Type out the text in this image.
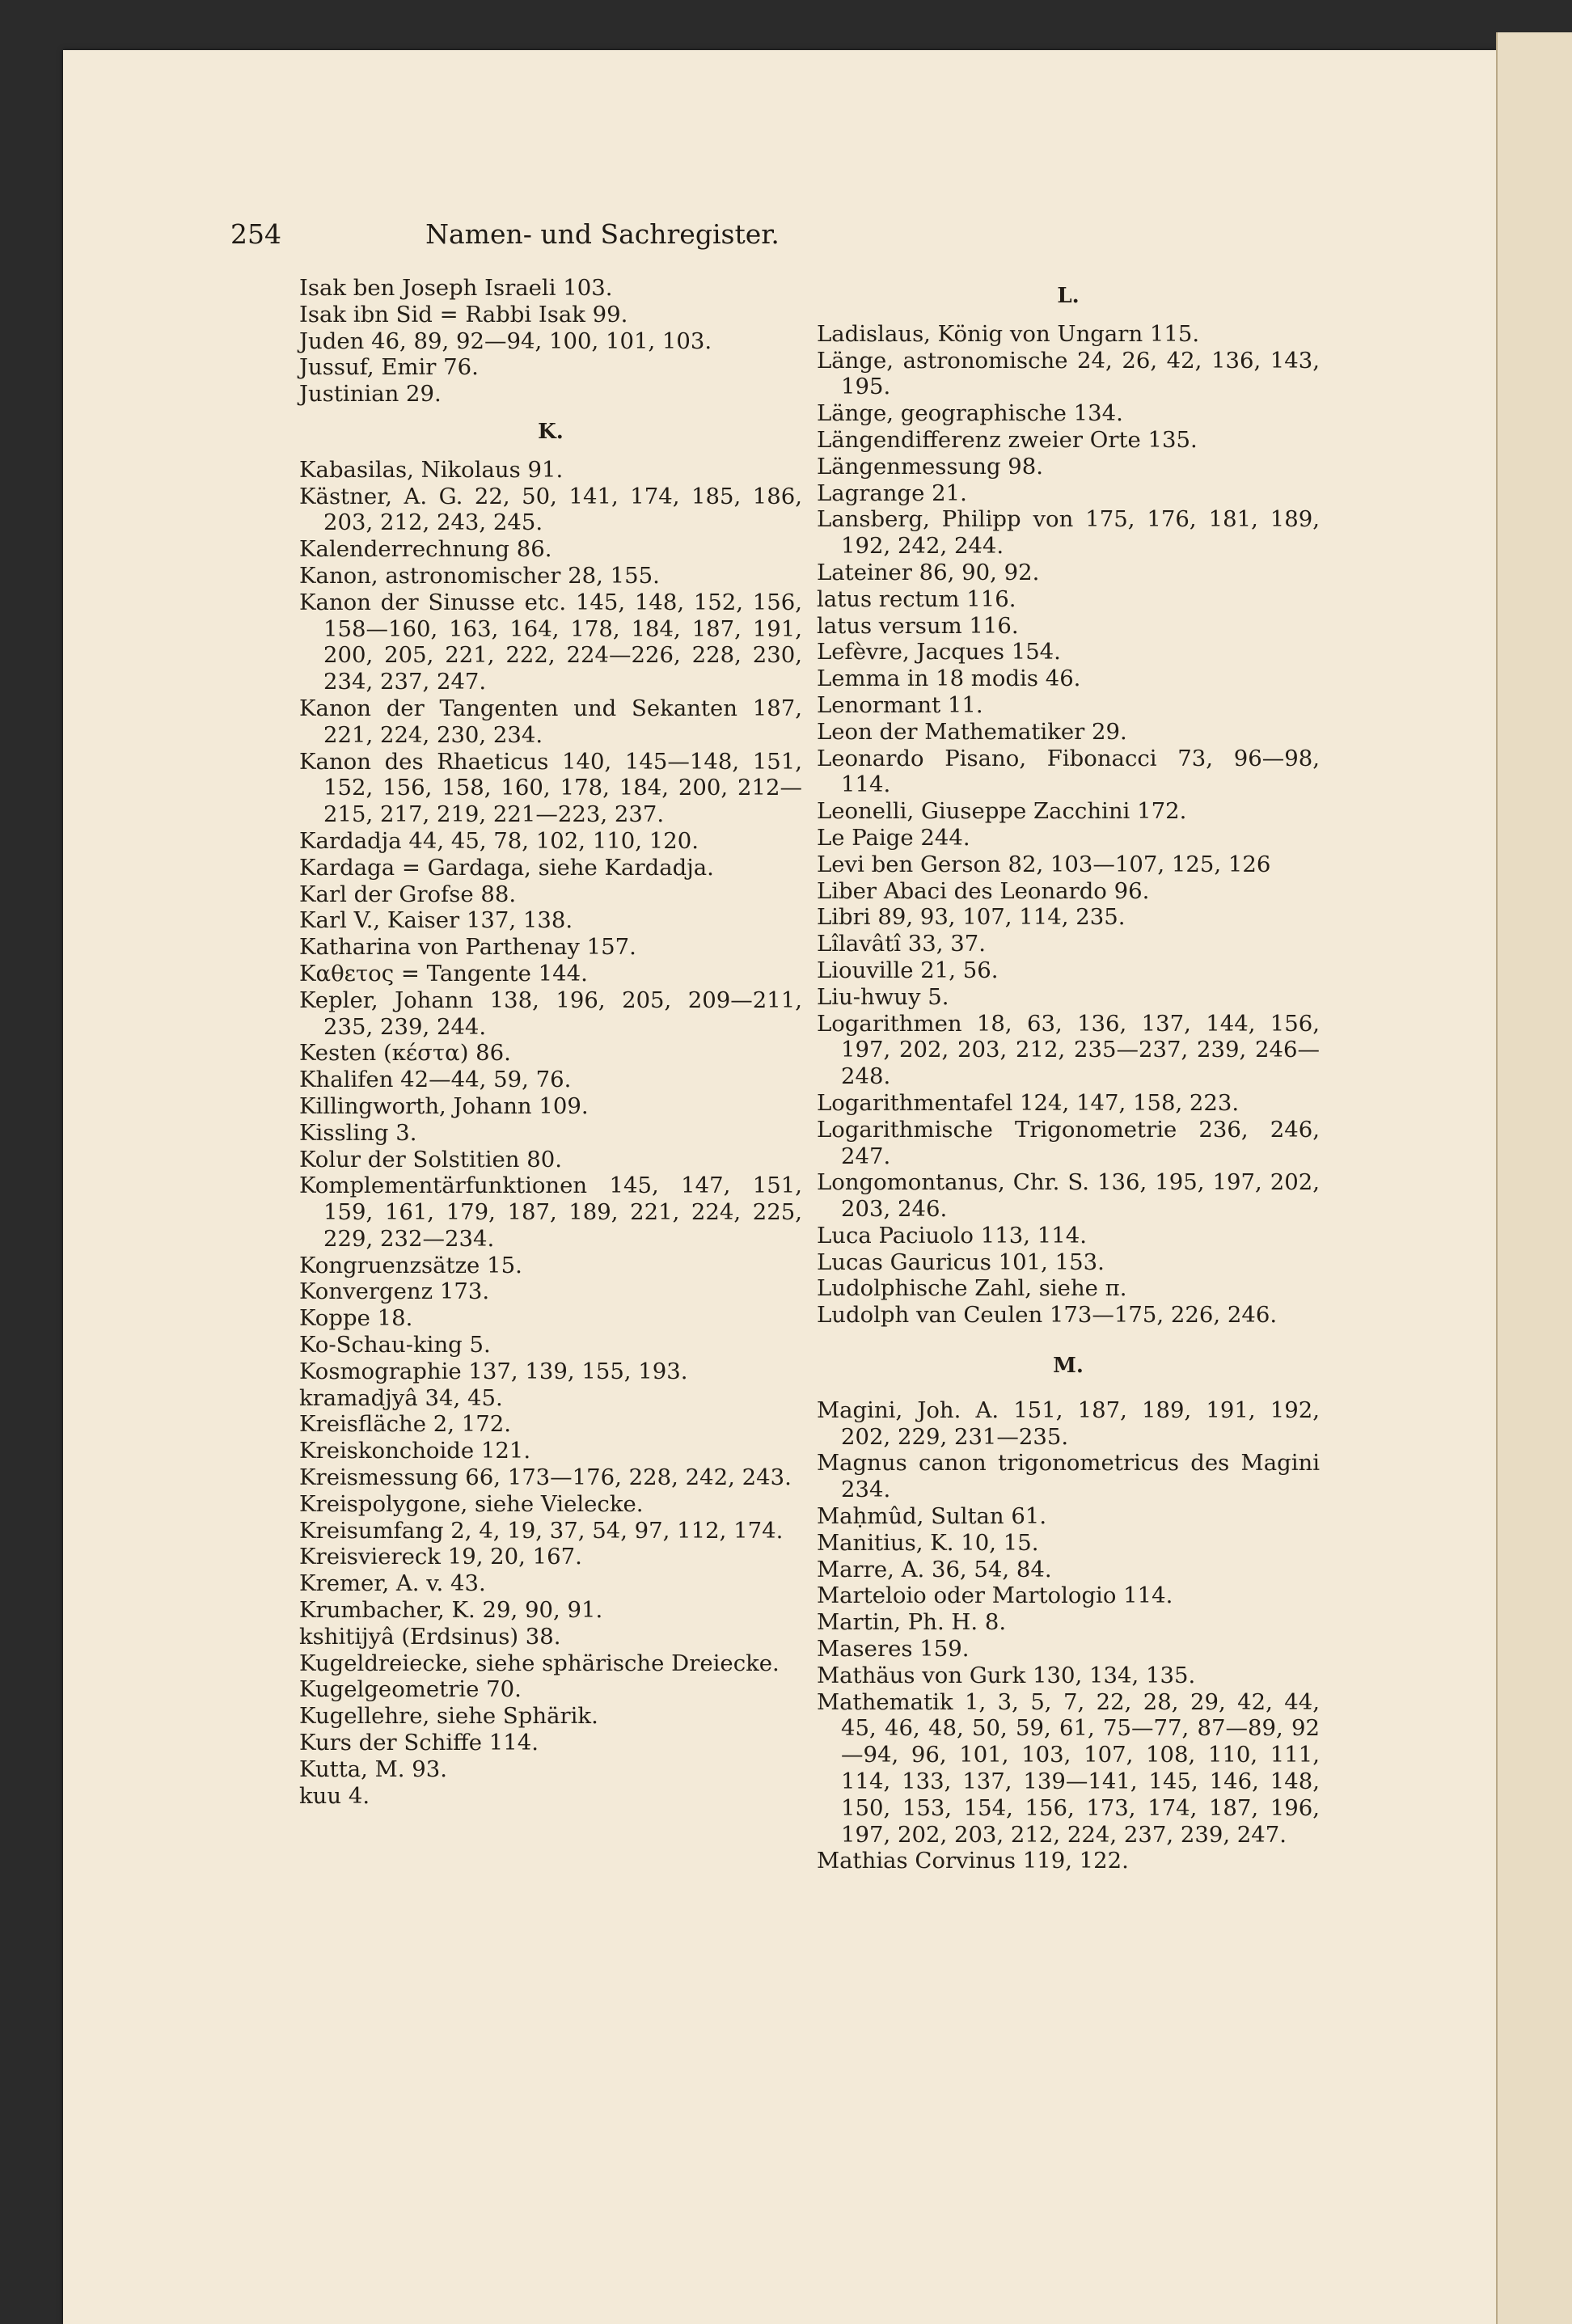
254	Namen- und Sachregister.
Isak ben Joseph Israeli 103.
Isak ibn Sid = Rabbi Isak 99.
Juden 46, 89, 92—94, 100, 101, 103.
Jussuf, Emir 76.
Justinian 29.
K.
Kabasilas, Nikolaus 91.
Kästner, A. G. 22, 50, 141, 174, 185, 186, 203, 212, 243, 245.
Kalenderrechnung 86.
Kanon, astronomischer 28, 155.
Kanon der Sinusse etc. 145, 148, 152, 156, 158—160, 163, 164, 178, 184, 187, 191, 200, 205, 221, 222, 224—226, 228, 230, 234, 237, 247.
Kanon der Tangenten und Sekanten 187, 221, 224, 230, 234.
Kanon des Rhaeticus 140, 145—148, 151, 152, 156, 158, 160, 178, 184, 200, 212—215, 217, 219, 221—223, 237.
Kardadja 44, 45, 78, 102, 110, 120.
Kardaga = Gardaga, siehe Kardadja.
Karl der Grofse 88.
Karl V., Kaiser 137, 138.
Katharina von Parthenay 157.
Καθετος = Tangente 144.
Kepler, Johann 138, 196, 205, 209—211, 235, 239, 244.
Kesten (κέστα) 86.
Khalifen 42—44, 59, 76.
Killingworth, Johann 109.
Kissling 3.
Kolur der Solstitien 80.
Komplementärfunktionen 145, 147, 151, 159, 161, 179, 187, 189, 221, 224, 225, 229, 232—234.
Kongruenzsätze 15.
Konvergenz 173.
Koppe 18.
Ko-Schau-king 5.
Kosmographie 137, 139, 155, 193.
kramadjyâ 34, 45.
Kreisfläche 2, 172.
Kreiskonchoide 121.
Kreismessung 66, 173—176, 228, 242, 243.
Kreispolygone, siehe Vielecke.
Kreisumfang 2, 4, 19, 37, 54, 97, 112, 174.
Kreisviereck 19, 20, 167.
Kremer, A. v. 43.
Krumbacher, K. 29, 90, 91.
kshitijyâ (Erdsinus) 38.
Kugeldreiecke, siehe sphärische Dreiecke.
Kugelgeometrie 70.
Kugellehre, siehe Sphärik.
Kurs der Schiffe 114.
Kutta, M. 93.
kuu 4.
L.
Ladislaus, König von Ungarn 115.
Länge, astronomische 24, 26, 42, 136, 143, 195.
Länge, geographische 134.
Längendifferenz zweier Orte 135.
Längenmessung 98.
Lagrange 21.
Lansberg, Philipp von 175, 176, 181, 189, 192, 242, 244.
Lateiner 86, 90, 92.
latus rectum 116.
latus versum 116.
Lefèvre, Jacques 154.
Lemma in 18 modis 46.
Lenormant 11.
Leon der Mathematiker 29.
Leonardo Pisano, Fibonacci 73, 96—98, 114.
Leonelli, Giuseppe Zacchini 172.
Le Paige 244.
Levi ben Gerson 82, 103—107, 125, 126
Liber Abaci des Leonardo 96.
Libri 89, 93, 107, 114, 235.
Lîlavâtî 33, 37.
Liouville 21, 56.
Liu-hwuy 5.
Logarithmen 18, 63, 136, 137, 144, 156, 197, 202, 203, 212, 235—237, 239, 246—248.
Logarithmentafel 124, 147, 158, 223.
Logarithmische Trigonometrie 236, 246, 247.
Longomontanus, Chr. S. 136, 195, 197, 202, 203, 246.
Luca Paciuolo 113, 114.
Lucas Gauricus 101, 153.
Ludolphische Zahl, siehe π.
Ludolph van Ceulen 173—175, 226, 246.
M.
Magini, Joh. A. 151, 187, 189, 191, 192, 202, 229, 231—235.
Magnus canon trigonometricus des Magini 234.
Maḥmûd, Sultan 61.
Manitius, K. 10, 15.
Marre, A. 36, 54, 84.
Marteloio oder Martologio 114.
Martin, Ph. H. 8.
Maseres 159.
Mathäus von Gurk 130, 134, 135.
Mathematik 1, 3, 5, 7, 22, 28, 29, 42, 44, 45, 46, 48, 50, 59, 61, 75—77, 87—89, 92—94, 96, 101, 103, 107, 108, 110, 111, 114, 133, 137, 139—141, 145, 146, 148, 150, 153, 154, 156, 173, 174, 187, 196, 197, 202, 203, 212, 224, 237, 239, 247.
Mathias Corvinus 119, 122.
